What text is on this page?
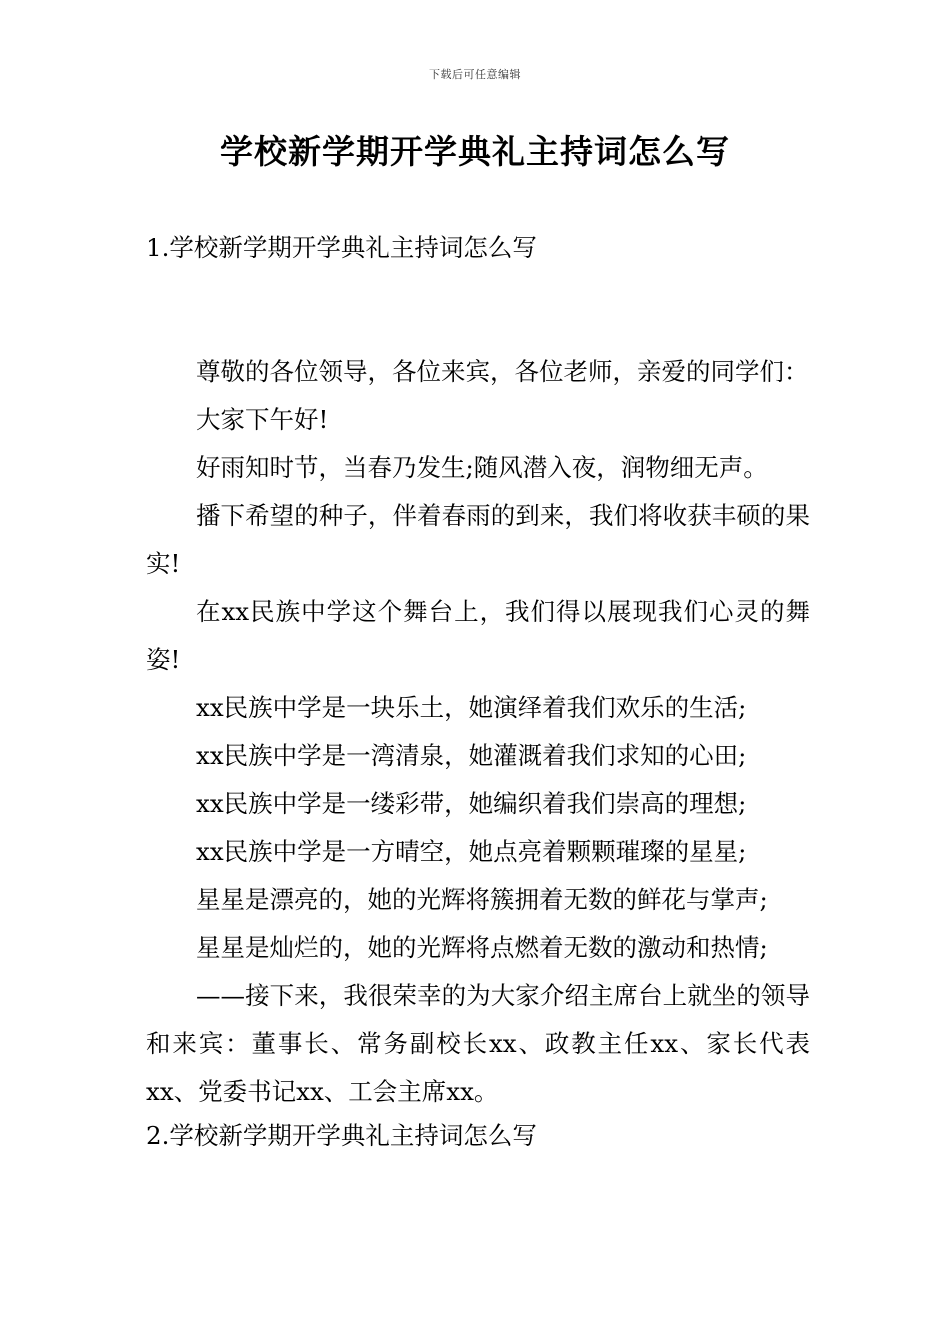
下载后可任意编辑
学校新学期开学典礼主持词怎么写
1.学校新学期开学典礼主持词怎么写

尊敬的各位领导，各位来宾，各位老师，亲爱的同学们：

大家下午好!

好雨知时节，当春乃发生;随风潜入夜，润物细无声。

播下希望的种子，伴着春雨的到来，我们将收获丰硕的果实!

在xx民族中学这个舞台上，我们得以展现我们心灵的舞姿!

xx民族中学是一块乐土，她演绎着我们欢乐的生活;

xx民族中学是一湾清泉，她灌溉着我们求知的心田;

xx民族中学是一缕彩带，她编织着我们崇高的理想;

xx民族中学是一方晴空，她点亮着颗颗璀璨的星星;

星星是漂亮的，她的光辉将簇拥着无数的鲜花与掌声;

星星是灿烂的，她的光辉将点燃着无数的激动和热情;

——接下来，我很荣幸的为大家介绍主席台上就坐的领导和来宾：董事长、常务副校长xx、政教主任xx、家长代表xx、党委书记xx、工会主席xx。

2.学校新学期开学典礼主持词怎么写
